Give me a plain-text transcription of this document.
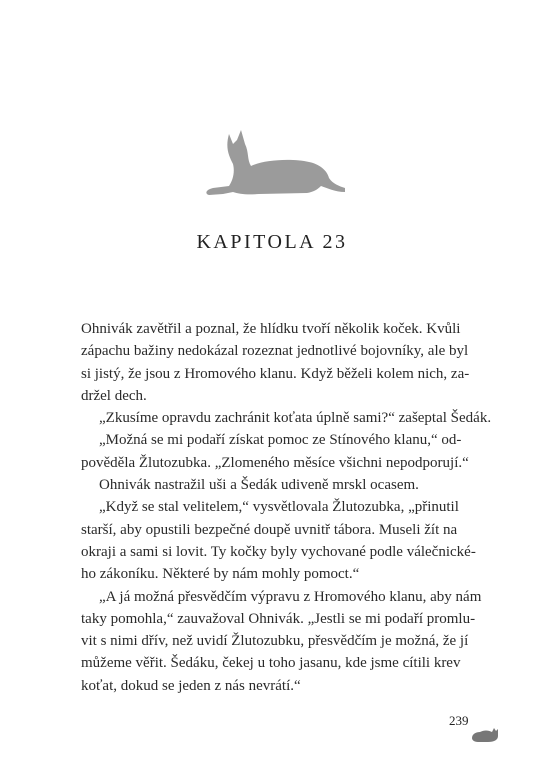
KAPITOLA 23
Ohnivák zavětřil a poznal, že hlídku tvoří několik koček. Kvůli
zápachu bažiny nedokázal rozeznat jednotlivé bojovníky, ale byl
si jistý, že jsou z Hromového klanu. Když běželi kolem nich, za-
držel dech.
„Zkusíme opravdu zachránit koťata úplně sami?“ zašeptal Šedák.
„Možná se mi podaří získat pomoc ze Stínového klanu,“ od-
pověděla Žlutozubka. „Zlomeného měsíce všichni nepodporují.“
Ohnivák nastražil uši a Šedák udiveně mrskl ocasem.
„Když se stal velitelem,“ vysvětlovala Žlutozubka, „přinutil
starší, aby opustili bezpečné doupě uvnitř tábora. Museli žít na
okraji a sami si lovit. Ty kočky byly vychované podle válečnické-
ho zákoníku. Některé by nám mohly pomoct.“
„A já možná přesvědčím výpravu z Hromového klanu, aby nám
taky pomohla,“ zauvažoval Ohnivák. „Jestli se mi podaří promlu-
vit s nimi dřív, než uvidí Žlutozubku, přesvědčím je možná, že jí
můžeme věřit. Šedáku, čekej u toho jasanu, kde jsme cítili krev
koťat, dokud se jeden z nás nevrátí.“
239
